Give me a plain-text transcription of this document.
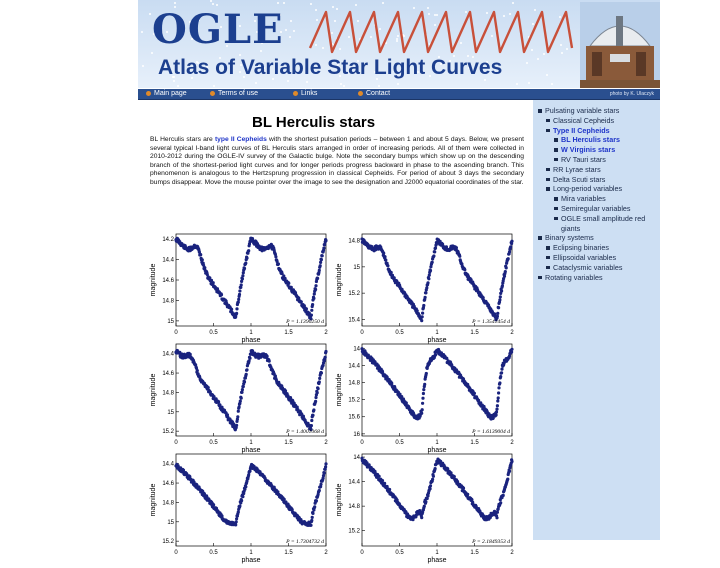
OGLE
Atlas of Variable Star Light Curves
Main page	Terms of use	Links	Contact	photo by K. Ulaczyk
BL Herculis stars
BL Herculis stars are type II Cepheids with the shortest pulsation periods – between 1 and about 5 days. Below, we present several typical I-band light curves of BL Herculis stars arranged in order of increasing periods. All of them were collected in 2010-2012 during the OGLE-IV survey of the Galactic bulge. Note the secondary bumps which show up on the descending branch of the shortest-period light curves and for longer periods progress backward in phase to the ascending branch. This phenomenon is analogous to the Hertzsprung progression in classical Cepheids. For period of about 3 days the secondary bumps disappear. Move the mouse pointer over the image to see the designation and J2000 equatorial coordinates of the star.
0	0.5	1	1.5	2
14.2
14.4
14.6
14.8
15
phase
magnitude
P = 1.1390250 d
0	0.5	1	1.5	2
14.8
15
15.2
15.4
phase
magnitude
P = 1.3541454 d
0	0.5	1	1.5	2
14.4
14.6
14.8
15
15.2
phase
magnitude
P = 1.4001068 d
0	0.5	1	1.5	2
14
14.4
14.8
15.2
15.6
16
phase
magnitude
P = 1.6139004 d
0	0.5	1	1.5	2
14.4
14.6
14.8
15
15.2
phase
magnitude
P = 1.7304732 d
0	0.5	1	1.5	2
14
14.4
14.8
15.2
phase
magnitude
P = 2.1849353 d
Pulsating variable stars
Classical Cepheids
Type II Cepheids
BL Herculis stars
W Virginis stars
RV Tauri stars
RR Lyrae stars
Delta Scuti stars
Long-period variables
Mira variables
Semiregular variables
OGLE small amplitude red giants
Binary systems
Eclipsing binaries
Ellipsoidal variables
Cataclysmic variables
Rotating variables
